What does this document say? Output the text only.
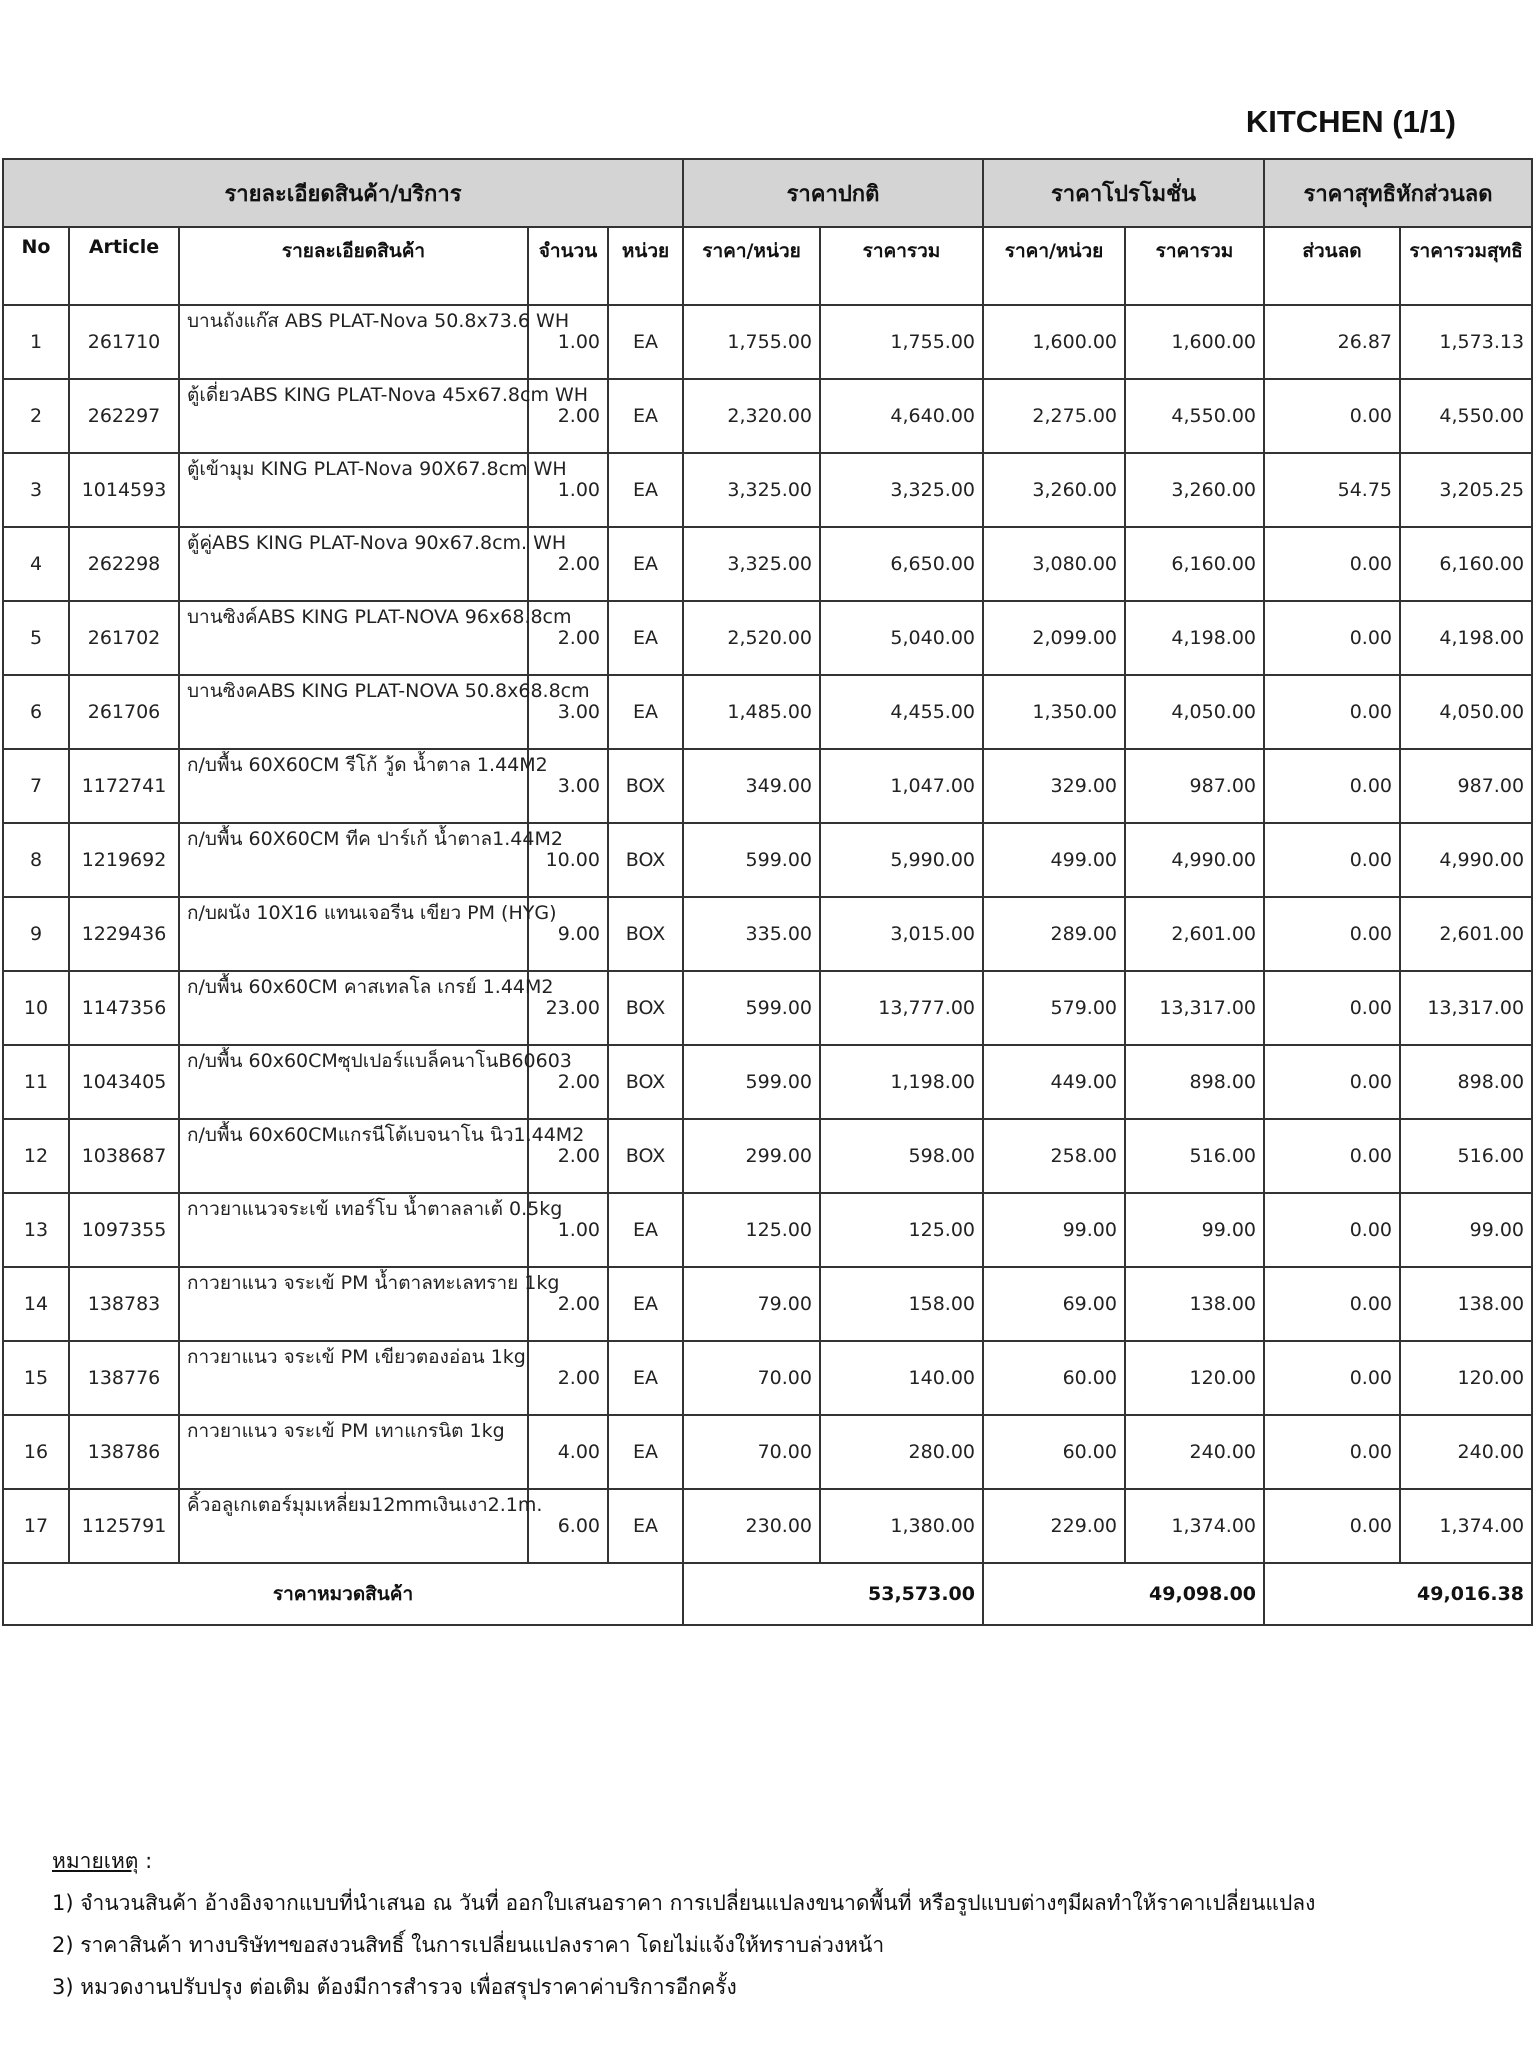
KITCHEN (1/1)
รายละเอียดสินค้า/บริการ					ราคาปกติ		ราคาโปรโมชั่น		ราคาสุทธิหักส่วนลด	
No	Article	รายละเอียดสินค้า	จำนวน	หน่วย	ราคา/หน่วย	ราคารวม	ราคา/หน่วย	ราคารวม	ส่วนลด	ราคารวมสุทธิ
1	261710	บานถังแก๊ส ABS PLAT-Nova 50.8x73.6 WH	1.00	EA	1,755.00	1,755.00	1,600.00	1,600.00	26.87	1,573.13
2	262297	ตู้เดี่ยวABS KING PLAT-Nova 45x67.8cm WH	2.00	EA	2,320.00	4,640.00	2,275.00	4,550.00	0.00	4,550.00
3	1014593	ตู้เข้ามุม KING PLAT-Nova 90X67.8cm WH	1.00	EA	3,325.00	3,325.00	3,260.00	3,260.00	54.75	3,205.25
4	262298	ตู้คู่ABS KING PLAT-Nova 90x67.8cm. WH	2.00	EA	3,325.00	6,650.00	3,080.00	6,160.00	0.00	6,160.00
5	261702	บานซิงค์ABS KING PLAT-NOVA 96x68.8cm	2.00	EA	2,520.00	5,040.00	2,099.00	4,198.00	0.00	4,198.00
6	261706	บานซิงคABS KING PLAT-NOVA 50.8x68.8cm	3.00	EA	1,485.00	4,455.00	1,350.00	4,050.00	0.00	4,050.00
7	1172741	ก/บพื้น 60X60CM รีโก้ วู้ด น้ำตาล 1.44M2	3.00	BOX	349.00	1,047.00	329.00	987.00	0.00	987.00
8	1219692	ก/บพื้น 60X60CM ทีค ปาร์เก้ น้ำตาล1.44M2	10.00	BOX	599.00	5,990.00	499.00	4,990.00	0.00	4,990.00
9	1229436	ก/บผนัง 10X16 แทนเจอรีน เขียว PM (HYG)	9.00	BOX	335.00	3,015.00	289.00	2,601.00	0.00	2,601.00
10	1147356	ก/บพื้น 60x60CM คาสเทลโล เกรย์ 1.44M2	23.00	BOX	599.00	13,777.00	579.00	13,317.00	0.00	13,317.00
11	1043405	ก/บพื้น 60x60CMซุปเปอร์แบล็คนาโนB60603	2.00	BOX	599.00	1,198.00	449.00	898.00	0.00	898.00
12	1038687	ก/บพื้น 60x60CMแกรนีโต้เบจนาโน นิว1.44M2	2.00	BOX	299.00	598.00	258.00	516.00	0.00	516.00
13	1097355	กาวยาแนวจระเข้ เทอร์โบ น้ำตาลลาเต้ 0.5kg	1.00	EA	125.00	125.00	99.00	99.00	0.00	99.00
14	138783	กาวยาแนว จระเข้ PM น้ำตาลทะเลทราย 1kg	2.00	EA	79.00	158.00	69.00	138.00	0.00	138.00
15	138776	กาวยาแนว จระเข้ PM เขียวตองอ่อน 1kg	2.00	EA	70.00	140.00	60.00	120.00	0.00	120.00
16	138786	กาวยาแนว จระเข้ PM เทาแกรนิต 1kg	4.00	EA	70.00	280.00	60.00	240.00	0.00	240.00
17	1125791	คิ้วอลูเกเตอร์มุมเหลี่ยม12mmเงินเงา2.1m.	6.00	EA	230.00	1,380.00	229.00	1,374.00	0.00	1,374.00
ราคาหมวดสินค้า					53,573.00		49,098.00		49,016.38	
หมายเหตุ :
1) จำนวนสินค้า อ้างอิงจากแบบที่นำเสนอ ณ วันที่ ออกใบเสนอราคา การเปลี่ยนแปลงขนาดพื้นที่ หรือรูปแบบต่างๆมีผลทำให้ราคาเปลี่ยนแปลง
2) ราคาสินค้า ทางบริษัทฯขอสงวนสิทธิ์ ในการเปลี่ยนแปลงราคา โดยไม่แจ้งให้ทราบล่วงหน้า
3) หมวดงานปรับปรุง ต่อเติม ต้องมีการสำรวจ เพื่อสรุปราคาค่าบริการอีกครั้ง
